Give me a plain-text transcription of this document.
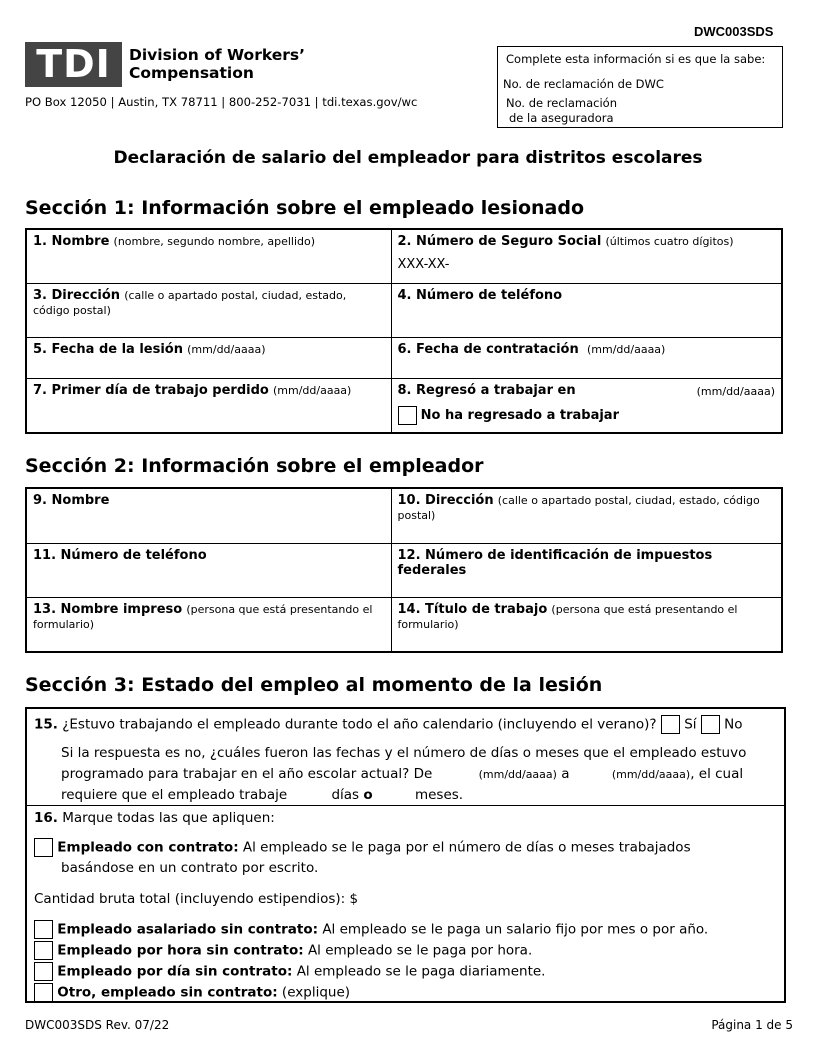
DWC003SDS
TDI	Division of Workers’
Compensation
PO Box 12050 | Austin, TX 78711 | 800-252-7031 | tdi.texas.gov/wc
Complete esta información si es que la sabe:
No. de reclamación de DWC
No. de reclamación
de la aseguradora
Declaración de salario del empleador para distritos escolares
Sección 1: Información sobre el empleado lesionado
1. Nombre (nombre, segundo nombre, apellido)	2. Número de Seguro Social (últimos cuatro dígitos)
XXX-XX-

3. Dirección (calle o apartado postal, ciudad, estado, código postal)	4. Número de teléfono
5. Fecha de la lesión (mm/dd/aaaa)	6. Fecha de contratación (mm/dd/aaaa)
7. Primer día de trabajo perdido (mm/dd/aaaa)	8. Regresó a trabajar en (mm/dd/aaaa)
No ha regresado a trabajar
Sección 2: Información sobre el empleador
9. Nombre	10. Dirección (calle o apartado postal, ciudad, estado, código postal)
11. Número de teléfono	12. Número de identificación de impuestos federales
13. Nombre impreso (persona que está presentando el formulario)	14. Título de trabajo (persona que está presentando el formulario)
Sección 3: Estado del empleo al momento de la lesión
15. ¿Estuvo trabajando el empleado durante todo el año calendario (incluyendo el verano)? Sí No
Si la respuesta es no, ¿cuáles fueron las fechas y el número de días o meses que el empleado estuvo
programado para trabajar en el año escolar actual? De	(mm/dd/aaaa) a	(mm/dd/aaaa), el cual
requiere que el empleado trabaje	días o	meses.
16. Marque todas las que apliquen:
Empleado con contrato: Al empleado se le paga por el número de días o meses trabajados
basándose en un contrato por escrito.
Cantidad bruta total (incluyendo estipendios): $
Empleado asalariado sin contrato: Al empleado se le paga un salario fijo por mes o por año.
Empleado por hora sin contrato: Al empleado se le paga por hora.
Empleado por día sin contrato: Al empleado se le paga diariamente.
Otro, empleado sin contrato: (explique)
DWC003SDS Rev. 07/22	Página 1 de 5
